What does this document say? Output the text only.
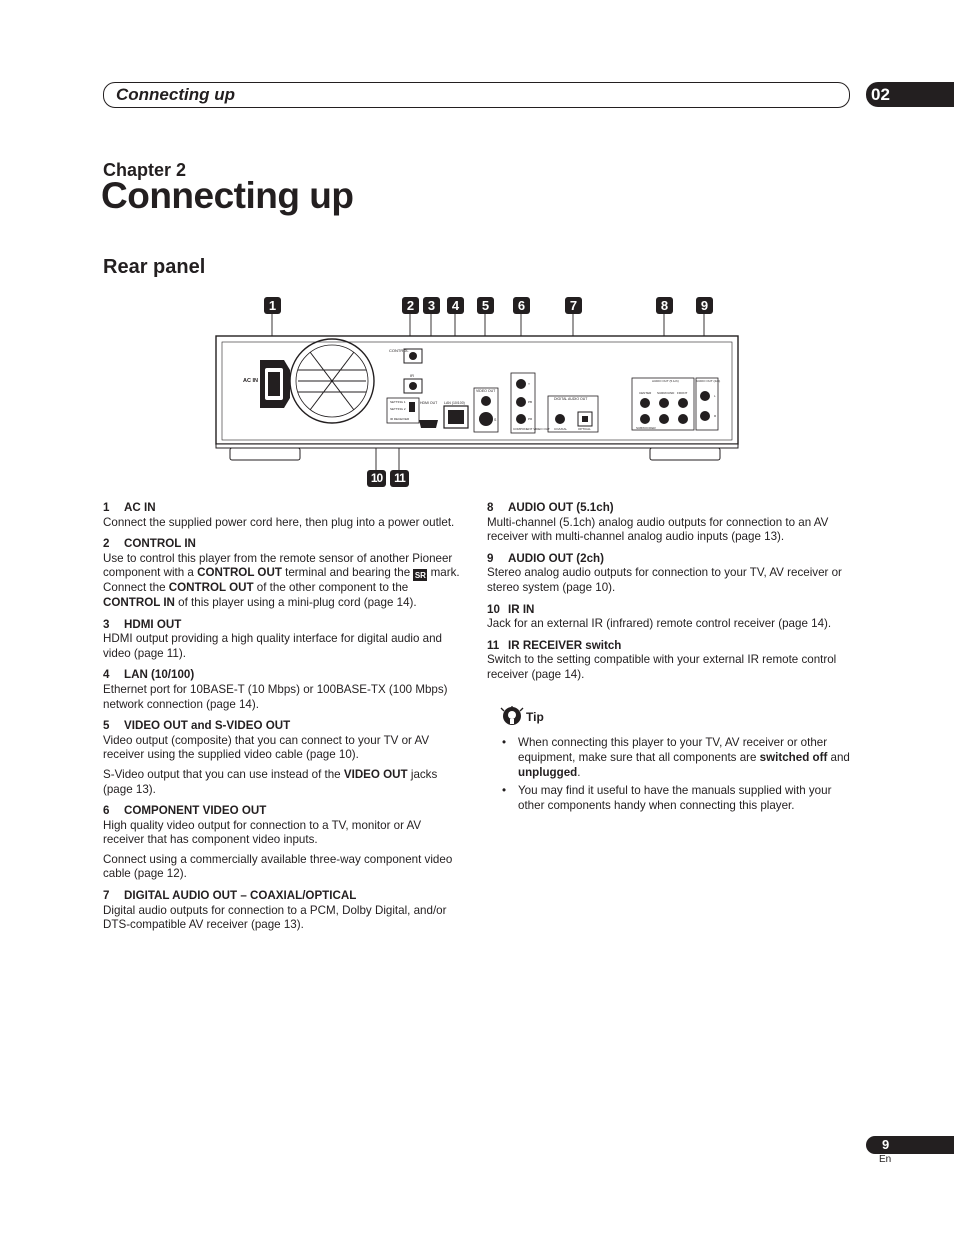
Connecting up	02
Chapter 2
Connecting up
Rear panel
1	2	3	4	5	6	7	8	9
10 11
AC IN
CONTROL
IR
SETTING 1
SETTING 2
IR RECEIVER
HDMI OUT LAN (10/100)
VIDEO OUT
S
COMPONENT VIDEO OUT
Y
PB
PR
DIGITAL AUDIO OUT
COAXIAL	OPTICAL
AUDIO OUT (5.1ch)
CENTER SURROUND FRONT
SUBWOOFER
AUDIO OUT (2ch)
L
R
1 AC IN

Connect the supplied power cord here, then plug into a power outlet.

2 CONTROL IN

Use to control this player from the remote sensor of another Pioneer component with a CONTROL OUT terminal and bearing the SR mark. Connect the CONTROL OUT of the other component to the CONTROL IN of this player using a mini-plug cord (page 14).

3 HDMI OUT

HDMI output providing a high quality interface for digital audio and video (page 11).

4 LAN (10/100)

Ethernet port for 10BASE-T (10 Mbps) or 100BASE-TX (100 Mbps) network connection (page 14).

5 VIDEO OUT and S-VIDEO OUT

Video output (composite) that you can connect to your TV or AV receiver using the supplied video cable (page 10).

S-Video output that you can use instead of the VIDEO OUT jacks (page 13).

6 COMPONENT VIDEO OUT

High quality video output for connection to a TV, monitor or AV receiver that has component video inputs.

Connect using a commercially available three-way component video cable (page 12).

7 DIGITAL AUDIO OUT – COAXIAL/OPTICAL

Digital audio outputs for connection to a PCM, Dolby Digital, and/or DTS-compatible AV receiver (page 13).

8 AUDIO OUT (5.1ch)

Multi-channel (5.1ch) analog audio outputs for connection to an AV receiver with multi-channel analog audio inputs (page 13).

9 AUDIO OUT (2ch)

Stereo analog audio outputs for connection to your TV, AV receiver or stereo system (page 10).

10 IR IN

Jack for an external IR (infrared) remote control receiver (page 14).

11 IR RECEIVER switch

Switch to the setting compatible with your external IR remote control receiver (page 14).

Tip
• When connecting this player to your TV, AV receiver or other equipment, make sure that all components are switched off and unplugged.
• You may find it useful to have the manuals supplied with your other components handy when connecting this player.
9
En
